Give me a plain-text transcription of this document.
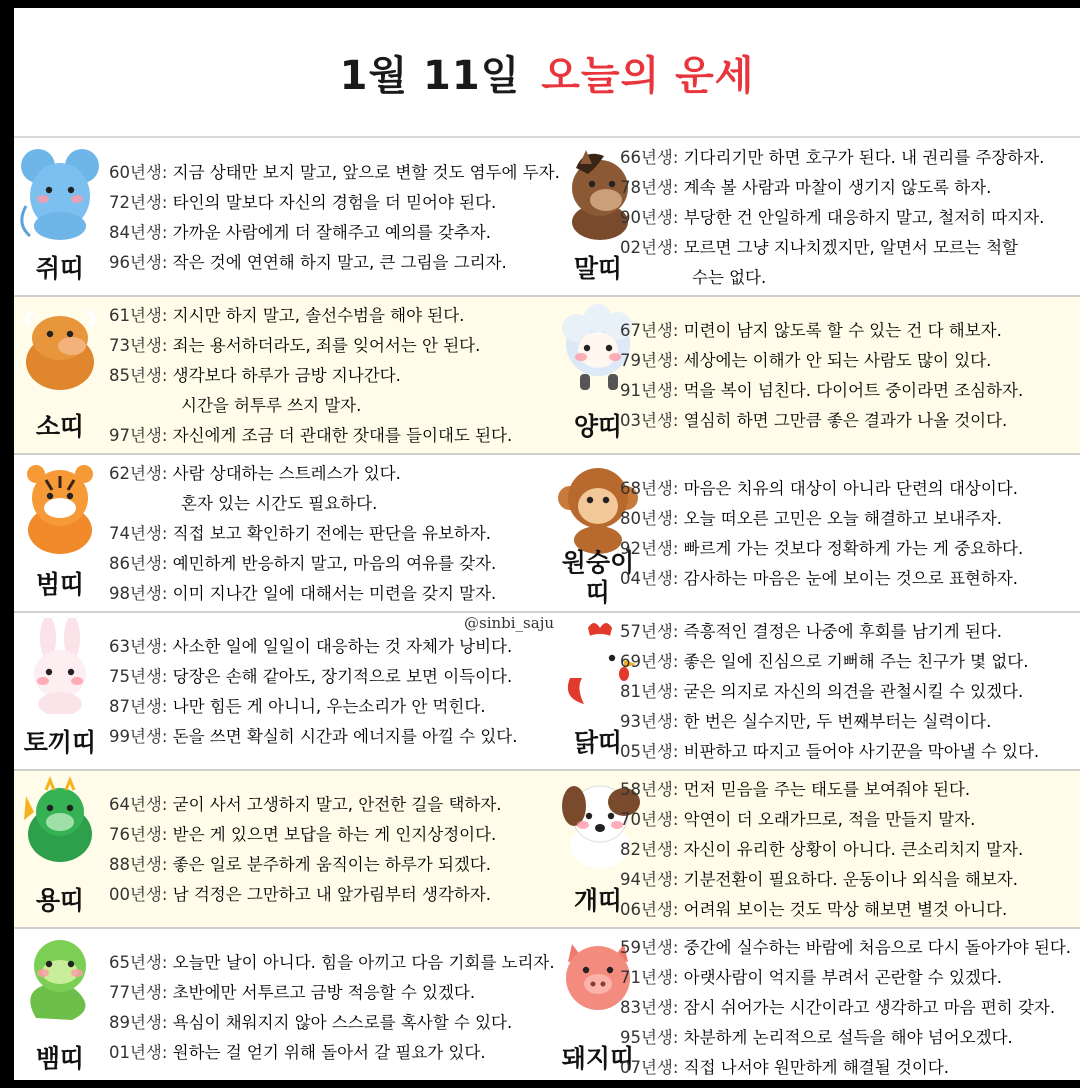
1월 11일 오늘의 운세
쥐띠
60년생: 지금 상태만 보지 말고, 앞으로 변할 것도 염두에 두자.
72년생: 타인의 말보다 자신의 경험을 더 믿어야 된다.
84년생: 가까운 사람에게 더 잘해주고 예의를 갖추자.
96년생: 작은 것에 연연해 하지 말고, 큰 그림을 그리자.	말띠
66년생: 기다리기만 하면 호구가 된다. 내 권리를 주장하자.
78년생: 계속 볼 사람과 마찰이 생기지 않도록 하자.
90년생: 부당한 건 안일하게 대응하지 말고, 철저히 따지자.
02년생: 모르면 그냥 지나치겠지만, 알면서 모르는 척할
수는 없다.
소띠
61년생: 지시만 하지 말고, 솔선수범을 해야 된다.
73년생: 죄는 용서하더라도, 죄를 잊어서는 안 된다.
85년생: 생각보다 하루가 금방 지나간다.
시간을 허투루 쓰지 말자.
97년생: 자신에게 조금 더 관대한 잣대를 들이대도 된다.	양띠
67년생: 미련이 남지 않도록 할 수 있는 건 다 해보자.
79년생: 세상에는 이해가 안 되는 사람도 많이 있다.
91년생: 먹을 복이 넘친다. 다이어트 중이라면 조심하자.
03년생: 열심히 하면 그만큼 좋은 결과가 나올 것이다.
범띠
62년생: 사람 상대하는 스트레스가 있다.
혼자 있는 시간도 필요하다.
74년생: 직접 보고 확인하기 전에는 판단을 유보하자.
86년생: 예민하게 반응하지 말고, 마음의 여유를 갖자.
98년생: 이미 지나간 일에 대해서는 미련을 갖지 말자.
원숭이 띠
68년생: 마음은 치유의 대상이 아니라 단련의 대상이다.
80년생: 오늘 떠오른 고민은 오늘 해결하고 보내주자.
92년생: 빠르게 가는 것보다 정확하게 가는 게 중요하다.
04년생: 감사하는 마음은 눈에 보이는 것으로 표현하자.
토끼띠
63년생: 사소한 일에 일일이 대응하는 것 자체가 낭비다.
75년생: 당장은 손해 같아도, 장기적으로 보면 이득이다.
87년생: 나만 힘든 게 아니니, 우는소리가 안 먹힌다.
99년생: 돈을 쓰면 확실히 시간과 에너지를 아낄 수 있다.	닭띠
57년생: 즉흥적인 결정은 나중에 후회를 남기게 된다.
69년생: 좋은 일에 진심으로 기뻐해 주는 친구가 몇 없다.
81년생: 굳은 의지로 자신의 의견을 관철시킬 수 있겠다.
93년생: 한 번은 실수지만, 두 번째부터는 실력이다.
05년생: 비판하고 따지고 들어야 사기꾼을 막아낼 수 있다.
용띠
64년생: 굳이 사서 고생하지 말고, 안전한 길을 택하자.
76년생: 받은 게 있으면 보답을 하는 게 인지상정이다.
88년생: 좋은 일로 분주하게 움직이는 하루가 되겠다.
00년생: 남 걱정은 그만하고 내 앞가림부터 생각하자.	개띠
58년생: 먼저 믿음을 주는 태도를 보여줘야 된다.
70년생: 악연이 더 오래가므로, 적을 만들지 말자.
82년생: 자신이 유리한 상황이 아니다. 큰소리치지 말자.
94년생: 기분전환이 필요하다. 운동이나 외식을 해보자.
06년생: 어려워 보이는 것도 막상 해보면 별것 아니다.
뱀띠
65년생: 오늘만 날이 아니다. 힘을 아끼고 다음 기회를 노리자.
77년생: 초반에만 서투르고 금방 적응할 수 있겠다.
89년생: 욕심이 채워지지 않아 스스로를 혹사할 수 있다.
01년생: 원하는 걸 얻기 위해 돌아서 갈 필요가 있다.	돼지띠
59년생: 중간에 실수하는 바람에 처음으로 다시 돌아가야 된다.
71년생: 아랫사람이 억지를 부려서 곤란할 수 있겠다.
83년생: 잠시 쉬어가는 시간이라고 생각하고 마음 편히 갖자.
95년생: 차분하게 논리적으로 설득을 해야 넘어오겠다.
07년생: 직접 나서야 원만하게 해결될 것이다.
@sinbi_saju
